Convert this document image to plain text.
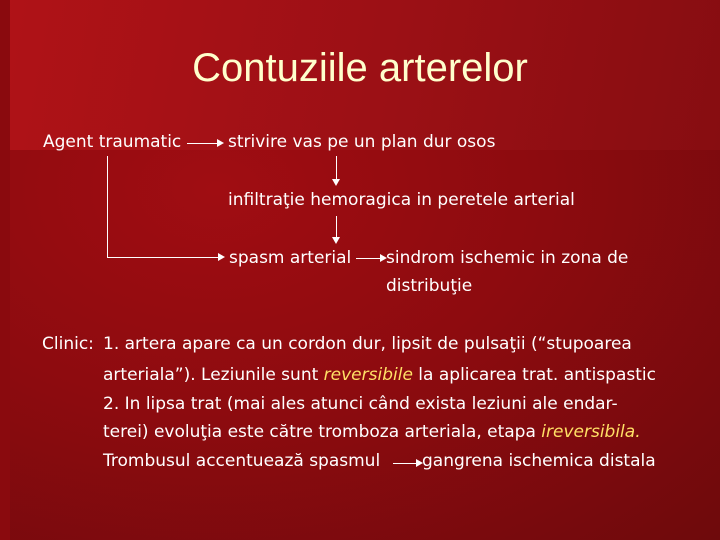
Contuziile arterelor
Agent traumatic	strivire vas pe un plan dur osos
infiltraţie hemoragica in peretele arterial
spasm arterial sindrom ischemic in zona de
distribuţie
Clinic: 1. artera apare ca un cordon dur, lipsit de pulsaţii (“stupoarea
arteriala”). Leziunile sunt reversibile la aplicarea trat. antispastic
2. In lipsa trat (mai ales atunci când exista leziuni ale endar-
terei) evoluţia este către tromboza arteriala, etapa ireversibila.
Trombusul accentuează spasmul gangrena ischemica distala
